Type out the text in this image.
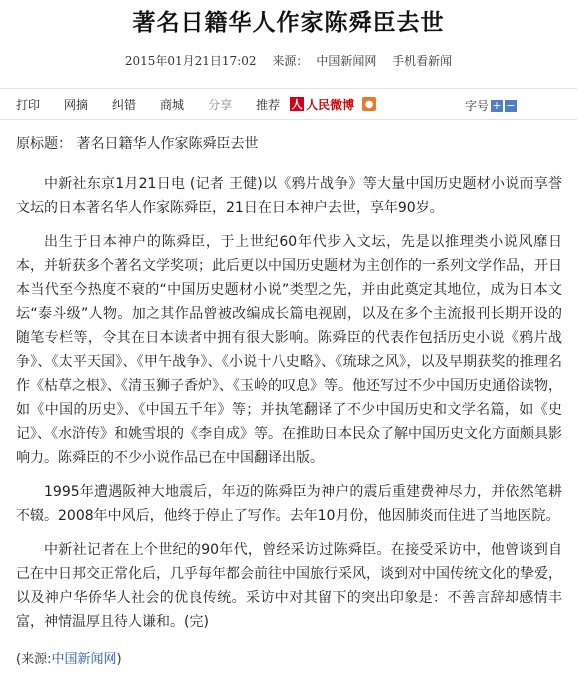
著名日籍华人作家陈舜臣去世
2015年01月21日17:02 来源： 中国新闻网 手机看新闻
打印 网摘 纠错 商城 分享 推荐 人 人民微博 ●	字号 + −

原标题： 著名日籍华人作家陈舜臣去世

中新社东京1月21日电 (记者 王健)以《鸦片战争》等大量中国历史题材小说而享誉文坛的日本著名华人作家陈舜臣，21日在日本神户去世，享年90岁。

出生于日本神户的陈舜臣，于上世纪60年代步入文坛，先是以推理类小说风靡日本，并斩获多个著名文学奖项；此后更以中国历史题材为主创作的一系列文学作品，开日本当代至今热度不衰的“中国历史题材小说”类型之先，并由此奠定其地位，成为日本文坛“泰斗级”人物。加之其作品曾被改编成长篇电视剧，以及在多个主流报刊长期开设的随笔专栏等，令其在日本读者中拥有很大影响。陈舜臣的代表作包括历史小说《鸦片战争》、《太平天国》、《甲午战争》、《小说十八史略》、《琉球之风》，以及早期获奖的推理名作《枯草之根》、《清玉狮子香炉》、《玉岭的叹息》等。他还写过不少中国历史通俗读物，如《中国的历史》、《中国五千年》等；并执笔翻译了不少中国历史和文学名篇，如《史记》、《水浒传》和姚雪垠的《李自成》等。在推助日本民众了解中国历史文化方面颇具影响力。陈舜臣的不少小说作品已在中国翻译出版。

1995年遭遇阪神大地震后，年迈的陈舜臣为神户的震后重建费神尽力，并依然笔耕不辍。2008年中风后，他终于停止了写作。去年10月份，他因肺炎而住进了当地医院。

中新社记者在上个世纪的90年代，曾经采访过陈舜臣。在接受采访中，他曾谈到自己在中日邦交正常化后，几乎每年都会前往中国旅行采风，谈到对中国传统文化的挚爱，以及神户华侨华人社会的优良传统。采访中对其留下的突出印象是：不善言辞却感情丰富，神情温厚且待人谦和。(完)

(来源:中国新闻网)
